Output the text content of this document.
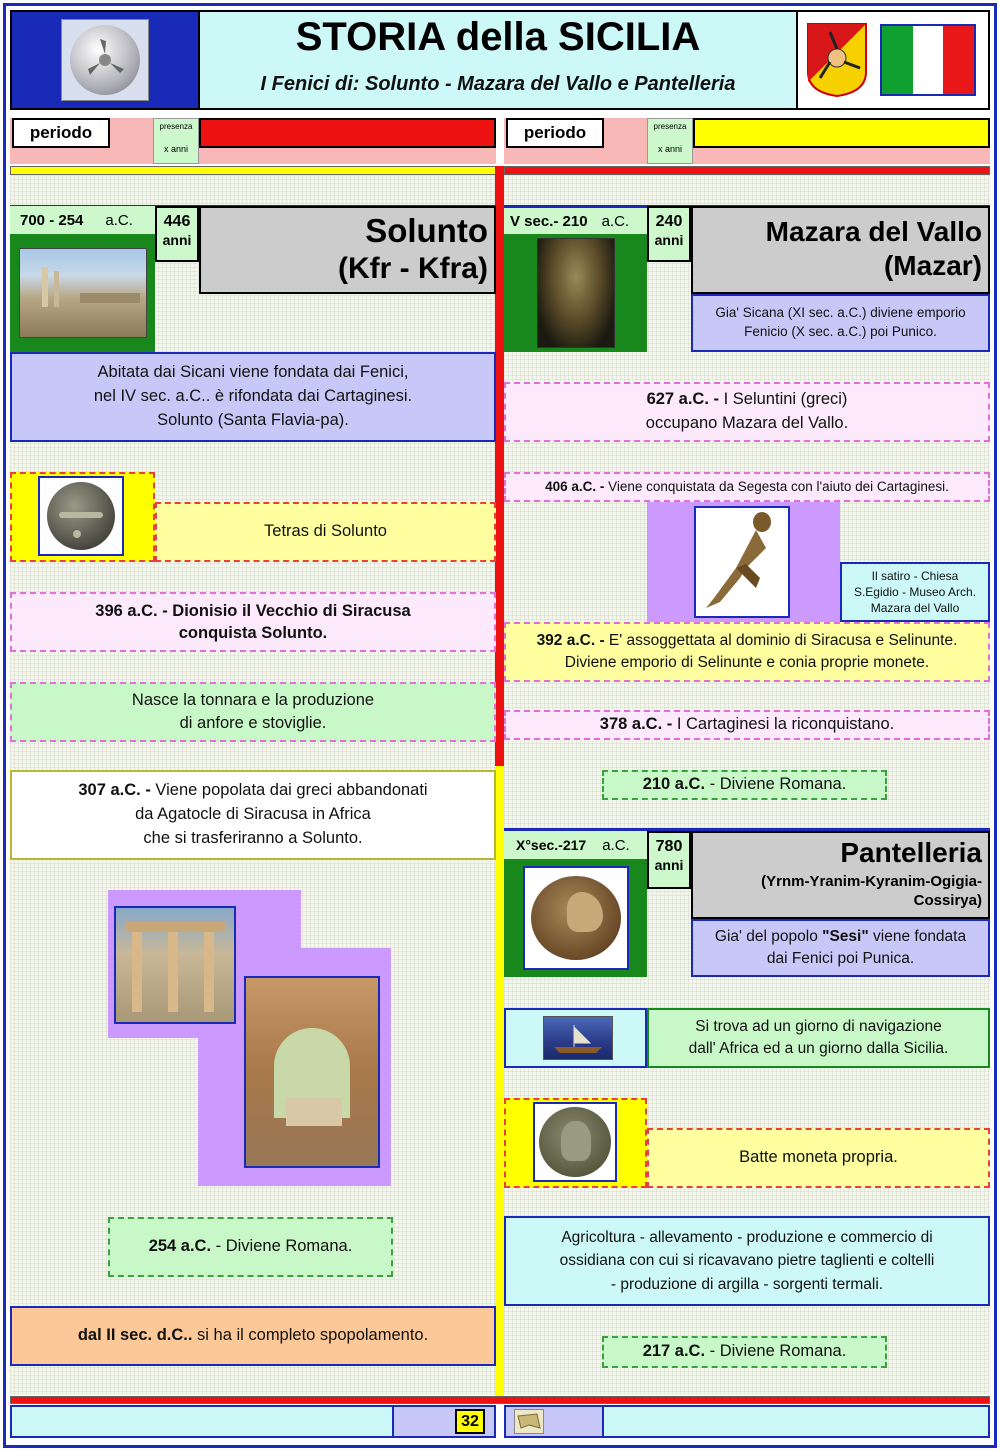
STORIA della SICILIA
I Fenici di: Solunto - Mazara del Vallo e Pantelleria
periodo	presenza
x anni
periodo	presenza
x anni
700 - 254 a.C.	446
anni	Solunto
(Kfr - Kfra)
Abitata dai Sicani viene fondata dai Fenici,
nel IV sec. a.C.. è rifondata dai Cartaginesi.
Solunto (Santa Flavia-pa).
Tetras di Solunto
396 a.C. - Dionisio il Vecchio di Siracusa
conquista Solunto.
Nasce la tonnara e la produzione
di anfore e stoviglie.
307 a.C. - Viene popolata dai greci abbandonati
da Agatocle di Siracusa in Africa
che si trasferiranno a Solunto.
254 a.C. - Diviene Romana.
dal II sec. d.C.. si ha il completo spopolamento.
V sec.- 210 a.C.	240
anni	Mazara del Vallo
(Mazar)
Gia' Sicana (XI sec. a.C.) diviene emporio
Fenicio (X sec. a.C.) poi Punico.
627 a.C. - I Seluntini (greci)
occupano Mazara del Vallo.
406 a.C. - Viene conquistata da Segesta con l'aiuto dei Cartaginesi.
Il satiro - Chiesa
S.Egidio - Museo Arch.
Mazara del Vallo
392 a.C. - E' assoggettata al dominio di Siracusa e Selinunte.
Diviene emporio di Selinunte e conia proprie monete.
378 a.C. - I Cartaginesi la riconquistano.
210 a.C. - Diviene Romana.
X°sec.-217 a.C.	780
anni	Pantelleria
(Yrnm-Yranim-Kyranim-Ogigia-
Cossirya)
Gia' del popolo "Sesi" viene fondata
dai Fenici poi Punica.
Si trova ad un giorno di navigazione
dall' Africa ed a un giorno dalla Sicilia.
Batte moneta propria.
Agricoltura - allevamento - produzione e commercio di
ossidiana con cui si ricavavano pietre taglienti e coltelli
- produzione di argilla - sorgenti termali.
217 a.C. - Diviene Romana.
32
